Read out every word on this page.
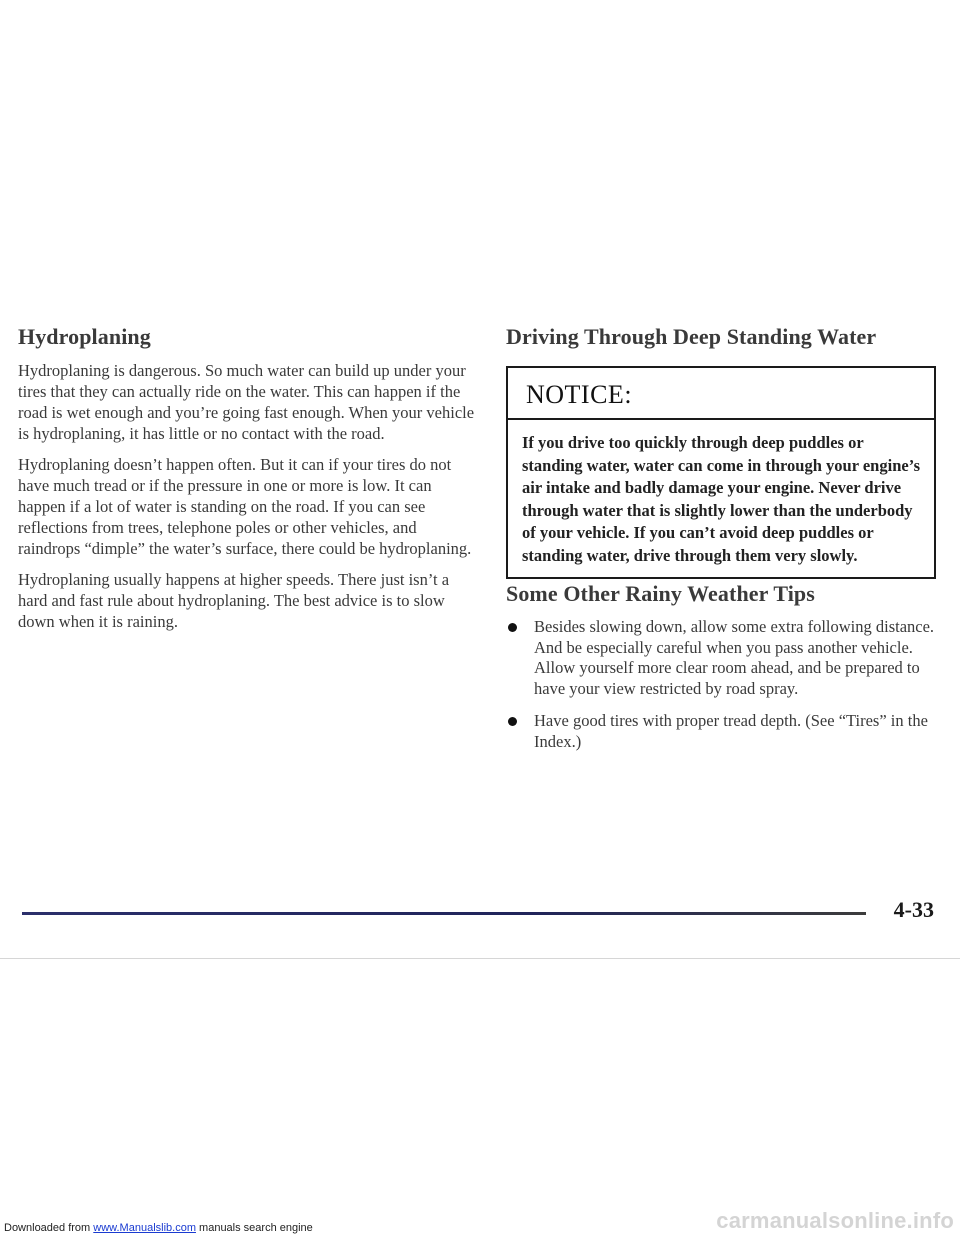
Hydroplaning

Hydroplaning is dangerous. So much water can build up under your tires that they can actually ride on the water. This can happen if the road is wet enough and you’re going fast enough. When your vehicle is hydroplaning, it has little or no contact with the road.

Hydroplaning doesn’t happen often. But it can if your tires do not have much tread or if the pressure in one or more is low. It can happen if a lot of water is standing on the road. If you can see reflections from trees, telephone poles or other vehicles, and raindrops “dimple” the water’s surface, there could be hydroplaning.

Hydroplaning usually happens at higher speeds. There just isn’t a hard and fast rule about hydroplaning. The best advice is to slow down when it is raining.

Driving Through Deep Standing Water
NOTICE:
If you drive too quickly through deep puddles or standing water, water can come in through your engine’s air intake and badly damage your engine. Never drive through water that is slightly lower than the underbody of your vehicle. If you can’t avoid deep puddles or standing water, drive through them very slowly.
Some Other Rainy Weather Tips
Besides slowing down, allow some extra following distance. And be especially careful when you pass another vehicle. Allow yourself more clear room ahead, and be prepared to have your view restricted by road spray.
Have good tires with proper tread depth. (See “Tires” in the Index.)
4-33
Downloaded from www.Manualslib.com manuals search engine	carmanualsonline.info
